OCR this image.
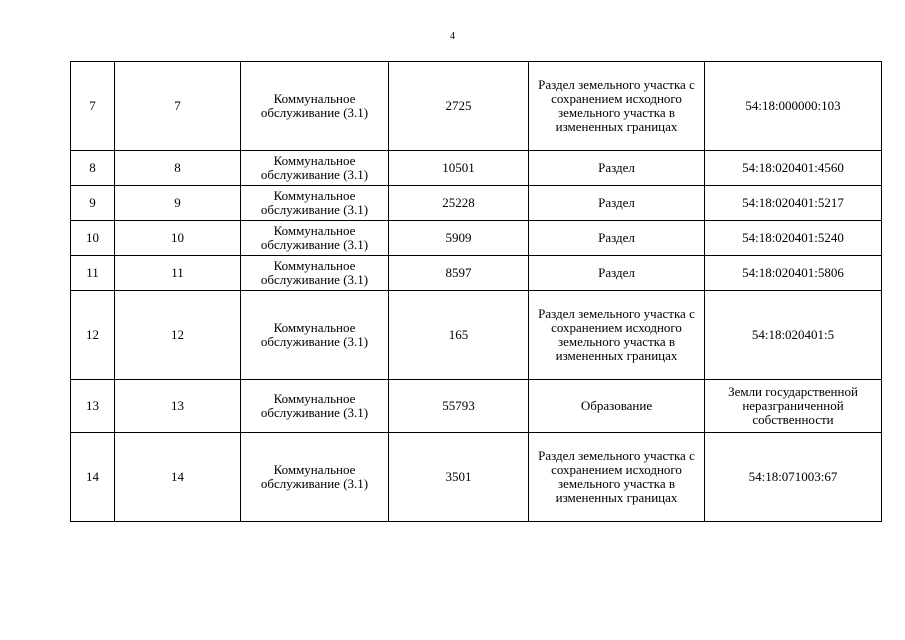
4
7	7	Коммунальное обслуживание (3.1)	2725	Раздел земельного участка с сохранением исходного земельного участка в измененных границах	54:18:000000:103
8	8	Коммунальное обслуживание (3.1)	10501	Раздел	54:18:020401:4560
9	9	Коммунальное обслуживание (3.1)	25228	Раздел	54:18:020401:5217
10	10	Коммунальное обслуживание (3.1)	5909	Раздел	54:18:020401:5240
11	11	Коммунальное обслуживание (3.1)	8597	Раздел	54:18:020401:5806
12	12	Коммунальное обслуживание (3.1)	165	Раздел земельного участка с сохранением исходного земельного участка в измененных границах	54:18:020401:5
13	13	Коммунальное обслуживание (3.1)	55793	Образование	Земли государственной неразграниченной собственности
14	14	Коммунальное обслуживание (3.1)	3501	Раздел земельного участка с сохранением исходного земельного участка в измененных границах	54:18:071003:67
